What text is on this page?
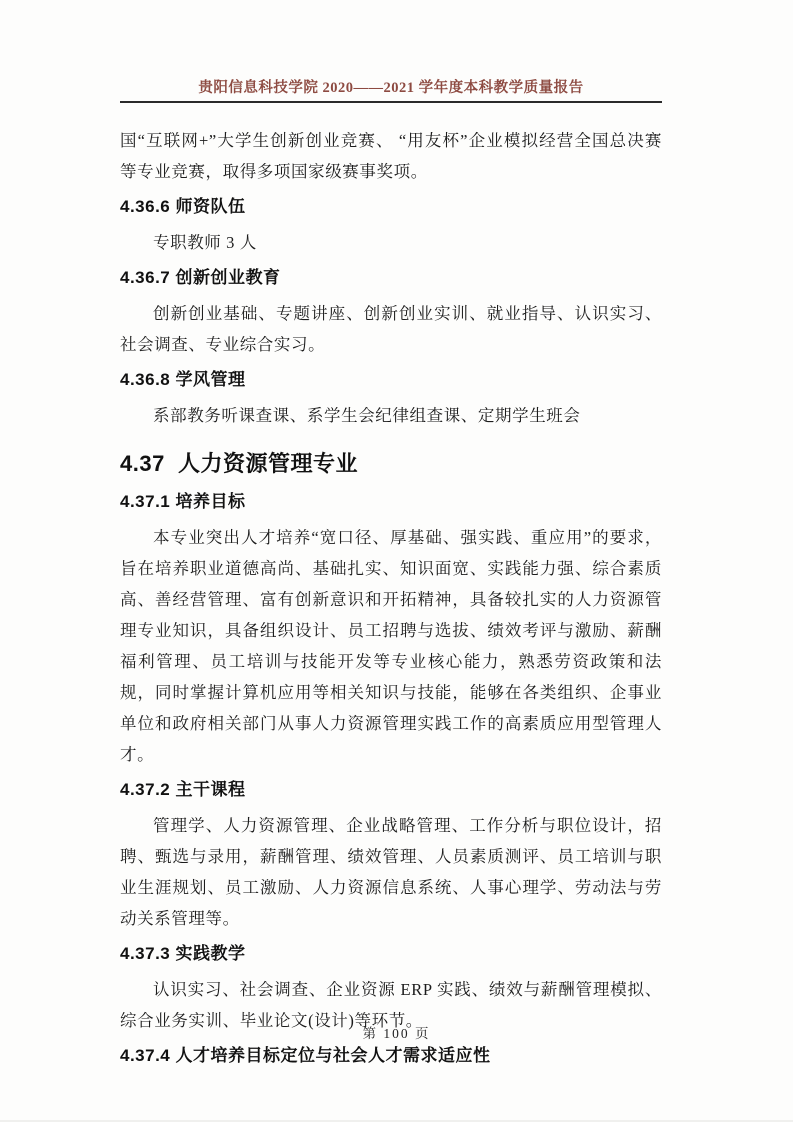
贵阳信息科技学院 2020——2021 学年度本科教学质量报告

国“互联网+”大学生创新创业竞赛、 “用友杯”企业模拟经营全国总决赛等专业竞赛，取得多项国家级赛事奖项。

4.36.6 师资队伍

专职教师 3 人

4.36.7 创新创业教育

创新创业基础、专题讲座、创新创业实训、就业指导、认识实习、社会调查、专业综合实习。

4.36.8 学风管理

系部教务听课查课、系学生会纪律组查课、定期学生班会

4.37  人力资源管理专业
4.37.1 培养目标

本专业突出人才培养“宽口径、厚基础、强实践、重应用”的要求，旨在培养职业道德高尚、基础扎实、知识面宽、实践能力强、综合素质高、善经营管理、富有创新意识和开拓精神，具备较扎实的人力资源管理专业知识，具备组织设计、员工招聘与选拔、绩效考评与激励、薪酬福利管理、员工培训与技能开发等专业核心能力，熟悉劳资政策和法规，同时掌握计算机应用等相关知识与技能，能够在各类组织、企事业单位和政府相关部门从事人力资源管理实践工作的高素质应用型管理人才。

4.37.2 主干课程

管理学、人力资源管理、企业战略管理、工作分析与职位设计，招聘、甄选与录用，薪酬管理、绩效管理、人员素质测评、员工培训与职业生涯规划、员工激励、人力资源信息系统、人事心理学、劳动法与劳动关系管理等。

4.37.3 实践教学

认识实习、社会调查、企业资源 ERP 实践、绩效与薪酬管理模拟、综合业务实训、毕业论文(设计)等环节。

4.37.4 人才培养目标定位与社会人才需求适应性
第 100 页
